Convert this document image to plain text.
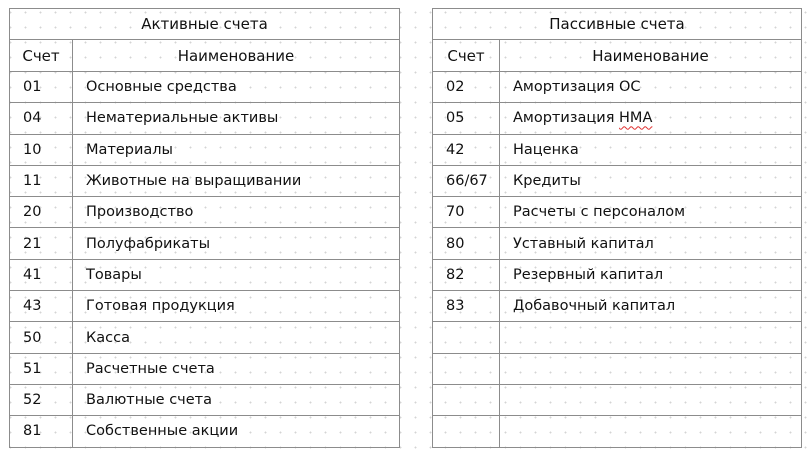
Активные счета	
Счет	Наименование
01	Основные средства
04	Нематериальные активы
10	Материалы
11	Животные на выращивании
20	Производство
21	Полуфабрикаты
41	Товары
43	Готовая продукция
50	Касса
51	Расчетные счета
52	Валютные счета
81	Собственные акции
Пассивные счета	
Счет	Наименование
02	Амортизация ОС
05	Амортизация НМА
42	Наценка
66/67	Кредиты
70	Расчеты с персоналом
80	Уставный капитал
82	Резервный капитал
83	Добавочный капитал
